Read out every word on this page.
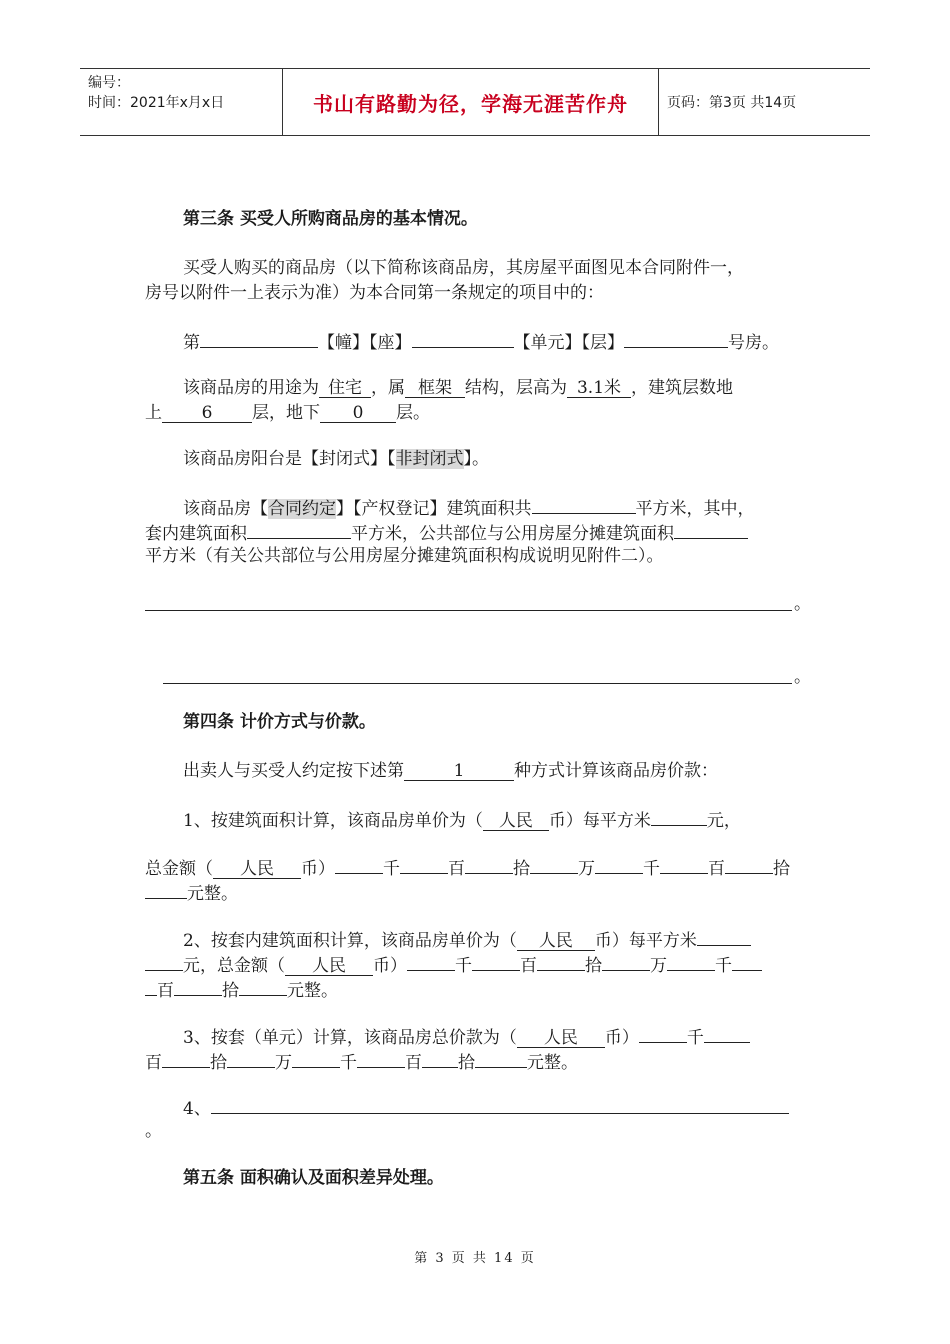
编号：
时间：2021年x月x日	书山有路勤为径，学海无涯苦作舟	页码：第3页 共14页
第三条 买受人所购商品房的基本情况。
买受人购买的商品房（以下简称该商品房，其房屋平面图见本合同附件一，
房号以附件一上表示为准）为本合同第一条规定的项目中的：
第	【幢】【座】	【单元】【层】	号房。
该商品房的用途为 住宅 ，属 框架 结构，层高为 3.1米 ，建筑层数地
上 6 层，地下 0 层。
该商品房阳台是【封闭式】【非封闭式】。
该商品房【合同约定】【产权登记】建筑面积共	平方米，其中，
套内建筑面积	平方米，公共部位与公用房屋分摊建筑面积
平方米（有关公共部位与公用房屋分摊建筑面积构成说明见附件二）。
。
。
第四条 计价方式与价款。
出卖人与买受人约定按下述第	1	种方式计算该商品房价款：
1、按建筑面积计算，该商品房单价为（ 人民 币）每平方米	元，
总金额（ 人民 币）	千	百	拾	万	千	百	拾
元整。
2、按套内建筑面积计算，该商品房单价为（ 人民 币）每平方米
元，总金额（ 人民 币）	千	百	拾	万	千
百	拾	元整。
3、按套（单元）计算，该商品房总价款为（ 人民 币）	千
百	拾	万	千	百 拾	元整。
4、
。
第五条 面积确认及面积差异处理。
第 3 页 共 14 页
